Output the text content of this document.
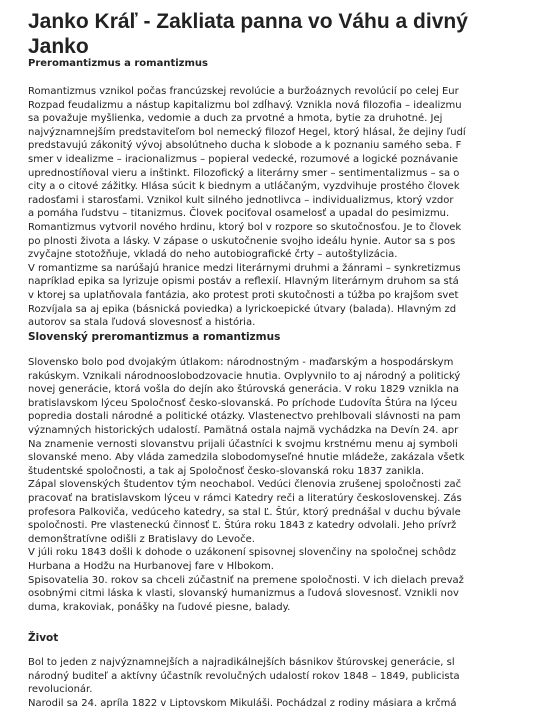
Janko Kráľ - Zakliata panna vo Váhu a divný
Janko
Preromantizmus a romantizmus
Romantizmus vznikol počas francúzskej revolúcie a buržoáznych revolúcií po celej Eur
Rozpad feudalizmu a nástup kapitalizmu bol zdĺhavý. Vznikla nová filozofia – idealizmu
sa považuje myšlienka, vedomie a duch za prvotné a hmota, bytie za druhotné. Jej
najvýznamnejším predstaviteľom bol nemecký filozof Hegel, ktorý hlásal, že dejiny ľudí
predstavujú zákonitý vývoj absolútneho ducha k slobode a k poznaniu samého seba. F
smer v idealizme – iracionalizmus – popieral vedecké, rozumové a logické poznávanie
uprednostíňoval vieru a inštinkt. Filozofický a literárny smer – sentimentalizmus – sa o
city a o citové zážitky. Hlása súcit k biednym a utláčaným, vyzdvihuje prostého človek
radosťami i starosťami. Vznikol kult silného jednotlivca – individualizmus, ktorý vzdor
a pomáha ľudstvu – titanizmus. Človek pociťoval osamelosť a upadal do pesimizmu.
Romantizmus vytvoril nového hrdinu, ktorý bol v rozpore so skutočnosťou. Je to človek
po plnosti života a lásky. V zápase o uskutočnenie svojho ideálu hynie. Autor sa s pos
zvyčajne stotožňuje, vkladá do neho autobiografické črty – autoštylizácia.
V romantizme sa narúšajú hranice medzi literárnymi druhmi a žánrami – synkretizmus
napríklad epika sa lyrizuje opismi postáv a reflexií. Hlavným literárnym druhom sa stá
v ktorej sa uplatňovala fantázia, ako protest proti skutočnosti a túžba po krajšom svet
Rozvíjala sa aj epika (básnická poviedka) a lyrickoepické útvary (balada). Hlavným zd
autorov sa stala ľudová slovesnosť a história.
Slovenský preromantizmus a romantizmus
Slovensko bolo pod dvojakým útlakom: národnostným - maďarským a hospodárskym
rakúskym. Vznikali národnooslobodzovacie hnutia. Ovplyvnilo to aj národný a politický
novej generácie, ktorá vošla do dejín ako štúrovská generácia. V roku 1829 vznikla na
bratislavskom lýceu Spoločnosť česko-slovanská. Po príchode Ľudovíta Štúra na lýceu
popredia dostali národné a politické otázky. Vlastenectvo prehlbovali slávnosti na pam
významných historických udalostí. Pamätná ostala najmä vychádzka na Devín 24. apr
Na znamenie vernosti slovanstvu prijali účastníci k svojmu krstnému menu aj symboli
slovanské meno. Aby vláda zamedzila slobodomyseľné hnutie mládeže, zakázala všetk
študentské spoločnosti, a tak aj Spoločnosť česko-slovanská roku 1837 zanikla.
Zápal slovenských študentov tým neochabol. Vedúci členovia zrušenej spoločnosti zač
pracovať na bratislavskom lýceu v rámci Katedry reči a literatúry československej. Zás
profesora Palkoviča, vedúceho katedry, sa stal Ľ. Štúr, ktorý prednášal v duchu bývale
spoločnosti. Pre vlasteneckú činnosť Ľ. Štúra roku 1843 z katedry odvolali. Jeho prívrž
demonštratívne odišli z Bratislavy do Levoče.
V júli roku 1843 došli k dohode o uzákonení spisovnej slovenčiny na spoločnej schôdz
Hurbana a Hodžu na Hurbanovej fare v Hlbokom.
Spisovatelia 30. rokov sa chceli zúčastniť na premene spoločnosti. V ich dielach prevaž
osobnými citmi láska k vlasti, slovanský humanizmus a ľudová slovesnosť. Vznikli nov
duma, krakoviak, ponášky na ľudové piesne, balady.
Život
Bol to jeden z najvýznamnejších a najradikálnejších básnikov štúrovskej generácie, sl
národný buditeľ a aktívny účastník revolučných udalostí rokov 1848 – 1849, publicista
revolucionár.
Narodil sa 24. apríla 1822 v Liptovskom Mikuláši. Pochádzal z rodiny másiara a krčmá
